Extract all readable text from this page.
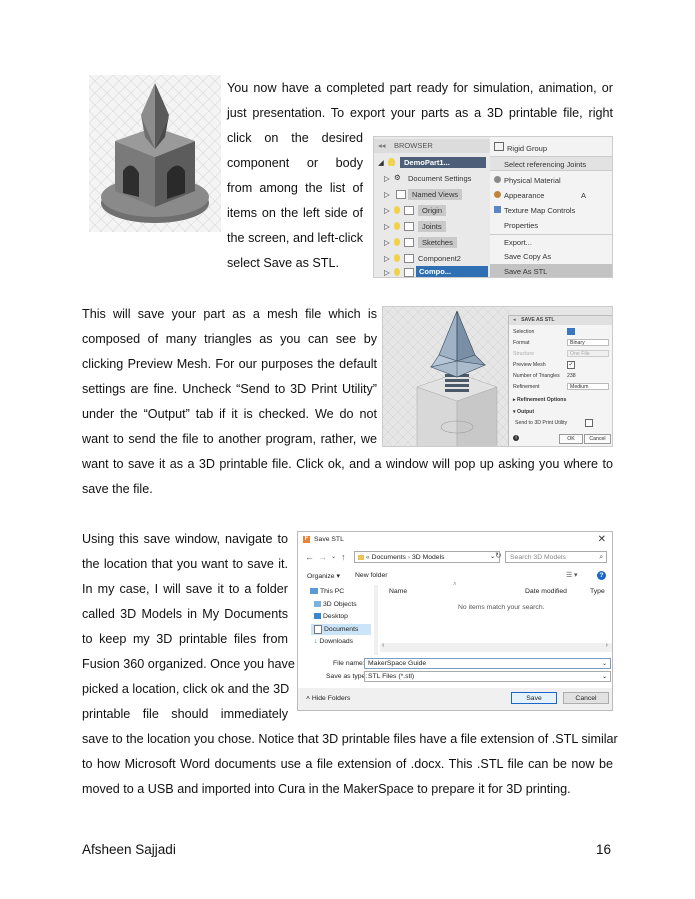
You now have a completed part ready for simulation, animation, or
just presentation. To export your parts as a 3D printable file, right
click on the desired
component or body
from among the list of
items on the left side of
the screen, and left-click
select Save as STL.
◂◂ BROWSER
◢	DemoPart1...
▷ ⚙ Document Settings
▷	Named Views
▷	Origin
▷	Joints
▷	Sketches
▷	Component2
▷	Compo...
Rigid Group
Select referencing Joints
Physical Material
Appearance	A
Texture Map Controls
Properties
Export...
Save Copy As
Save As STL
This will save your part as a mesh file which is
composed of many triangles as you can see by
clicking Preview Mesh. For our purposes the default
settings are fine. Uncheck “Send to 3D Print Utility”
under the “Output” tab if it is checked. We do not
want to send the file to another program, rather, we
want to save it as a 3D printable file. Click ok, and a window will pop up asking you where to
save the file.
◂ SAVE AS STL
Selection
Format	Binary
Structure	One File
Preview Mesh	✓
Number of Triangles 238
Refinement	Medium
▸ Refinement Options
▾ Output
Send to 3D Print Utility
i	OK	Cancel
Using this save window, navigate to
the location that you want to save it.
In my case, I will save it to a folder
called 3D Models in My Documents
to keep my 3D printable files from
Fusion 360 organized. Once you have
picked a location, click ok and the 3D
printable file should immediately
save to the location you chose. Notice that 3D printable files have a file extension of .STL similar
to how Microsoft Word documents use a file extension of .docx. This .STL file can be now be
moved to a USB and imported into Cura in the MakerSpace to prepare it for 3D printing.
F Save STL	✕
← → ⌄ ↑	« Documents › 3D Models	⌄ ↻	Search 3D Models	⌕
Organize ▾ New folder	☰ ▾	?
This PC
3D Objects
Desktop
Documents
↓ Downloads
Name
˄
Date modified	Type
No items match your search.
‹	›
File name: MakerSpace Guide	⌄
Save as type: STL Files (*.stl)	⌄
˄ Hide Folders	Save	Cancel
Afsheen Sajjadi	16
